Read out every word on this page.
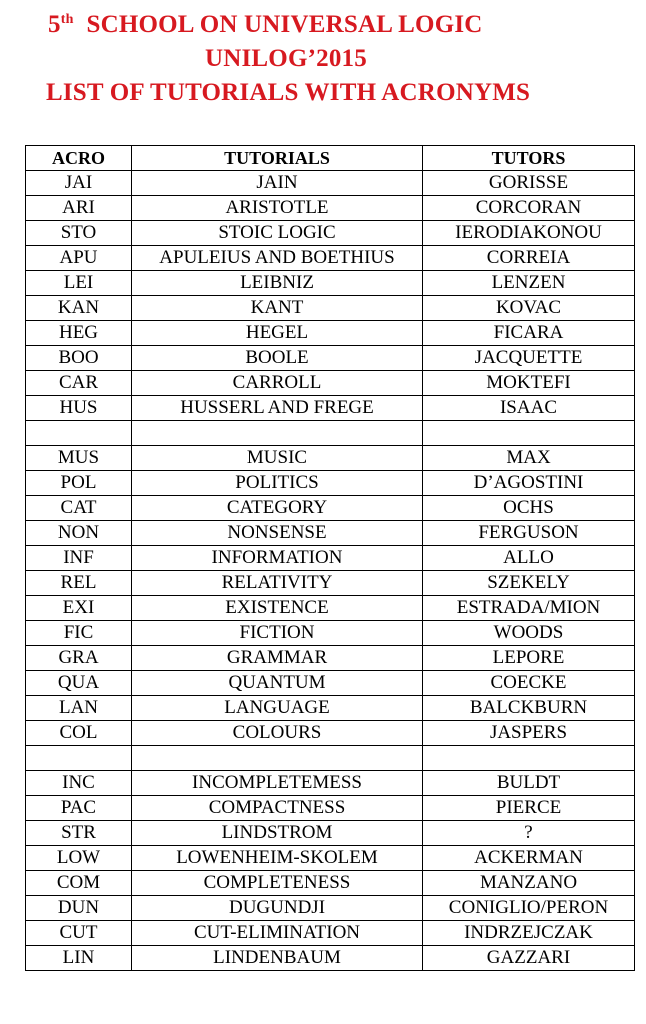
5th  SCHOOL ON UNIVERSAL LOGIC
UNILOG’2015
LIST OF TUTORIALS WITH ACRONYMS
ACRO	TUTORIALS	TUTORS
JAI	JAIN	GORISSE
ARI	ARISTOTLE	CORCORAN
STO	STOIC LOGIC	IERODIAKONOU
APU	APULEIUS AND BOETHIUS	CORREIA
LEI	LEIBNIZ	LENZEN
KAN	KANT	KOVAC
HEG	HEGEL	FICARA
BOO	BOOLE	JACQUETTE
CAR	CARROLL	MOKTEFI
HUS	HUSSERL AND FREGE	ISAAC

MUS	MUSIC	MAX
POL	POLITICS	D’AGOSTINI
CAT	CATEGORY	OCHS
NON	NONSENSE	FERGUSON
INF	INFORMATION	ALLO
REL	RELATIVITY	SZEKELY
EXI	EXISTENCE	ESTRADA/MION
FIC	FICTION	WOODS
GRA	GRAMMAR	LEPORE
QUA	QUANTUM	COECKE
LAN	LANGUAGE	BALCKBURN
COL	COLOURS	JASPERS

INC	INCOMPLETEMESS	BULDT
PAC	COMPACTNESS	PIERCE
STR	LINDSTROM	?
LOW	LOWENHEIM-SKOLEM	ACKERMAN
COM	COMPLETENESS	MANZANO
DUN	DUGUNDJI	CONIGLIO/PERON
CUT	CUT-ELIMINATION	INDRZEJCZAK
LIN	LINDENBAUM	GAZZARI
